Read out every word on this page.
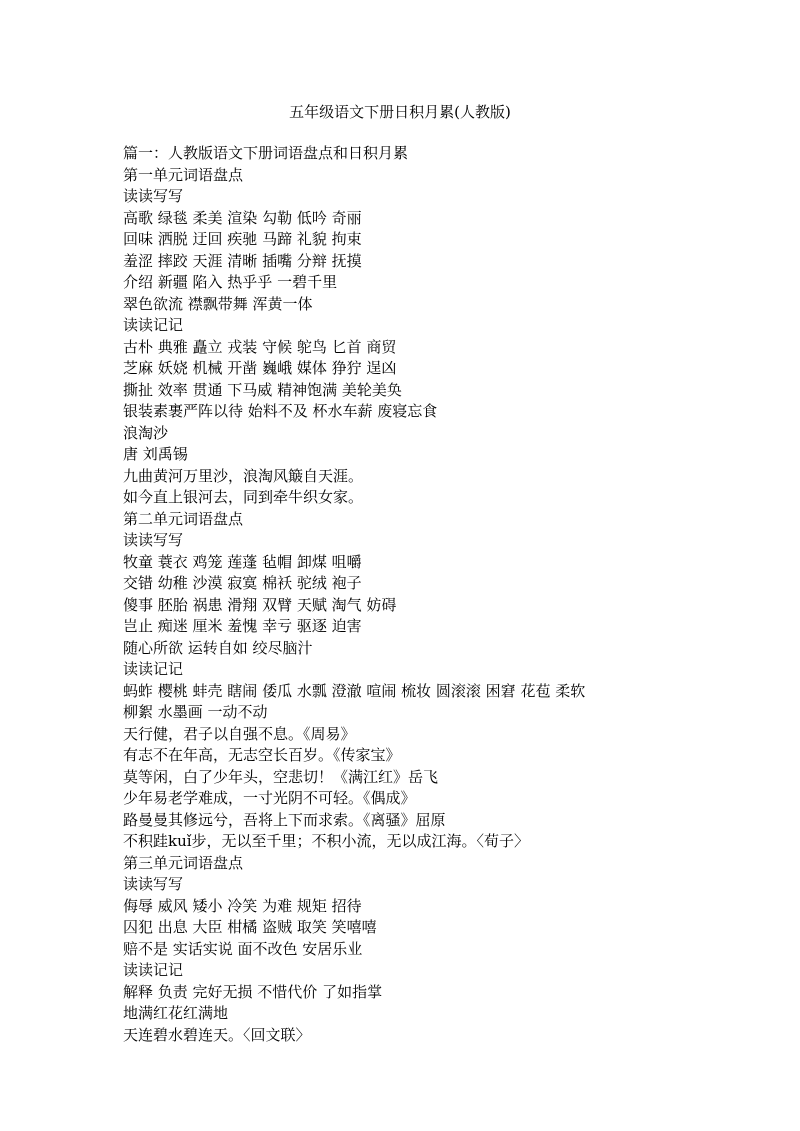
五年级语文下册日积月累(人教版)
篇一：人教版语文下册词语盘点和日积月累
第一单元词语盘点
读读写写
高歌 绿毯 柔美 渲染 勾勒 低吟 奇丽
回味 洒脱 迂回 疾驰 马蹄 礼貌 拘束
羞涩 摔跤 天涯 清晰 插嘴 分辩 抚摸
介绍 新疆 陷入 热乎乎 一碧千里
翠色欲流 襟飘带舞 浑黄一体
读读记记
古朴 典雅 矗立 戎装 守候 鸵鸟 匕首 商贸
芝麻 妖娆 机械 开凿 巍峨 媒体 狰狞 逞凶
撕扯 效率 贯通 下马威 精神饱满 美轮美奂
银装素裹严阵以待 始料不及 杯水车薪 废寝忘食
浪淘沙
唐 刘禹锡
九曲黄河万里沙，浪淘风簸自天涯。
如今直上银河去，同到牵牛织女家。
第二单元词语盘点
读读写写
牧童 蓑衣 鸡笼 莲蓬 毡帽 卸煤 咀嚼
交错 幼稚 沙漠 寂寞 棉袄 驼绒 袍子
傻事 胚胎 祸患 滑翔 双臂 天赋 淘气 妨碍
岂止 痴迷 厘米 羞愧 幸亏 驱逐 迫害
随心所欲 运转自如 绞尽脑汁
读读记记
蚂蚱 樱桃 蚌壳 瞎闹 倭瓜 水瓢 澄澈 喧闹 梳妆 圆滚滚 困窘 花苞 柔软
柳絮 水墨画 一动不动
天行健，君子以自强不息。《周易》
有志不在年高，无志空长百岁。《传家宝》
莫等闲，白了少年头，空悲切！《满江红》岳飞
少年易老学难成，一寸光阴不可轻。《偶成》
路曼曼其修远兮，吾将上下而求索。《离骚》屈原
不积跬kuǐ步，无以至千里；不积小流，无以成江海。〈荀子〉
第三单元词语盘点
读读写写
侮辱 威风 矮小 冷笑 为难 规矩 招待
囚犯 出息 大臣 柑橘 盗贼 取笑 笑嘻嘻
赔不是 实话实说 面不改色 安居乐业
读读记记
解释 负责 完好无损 不惜代价 了如指掌
地满红花红满地
天连碧水碧连天。〈回文联〉
